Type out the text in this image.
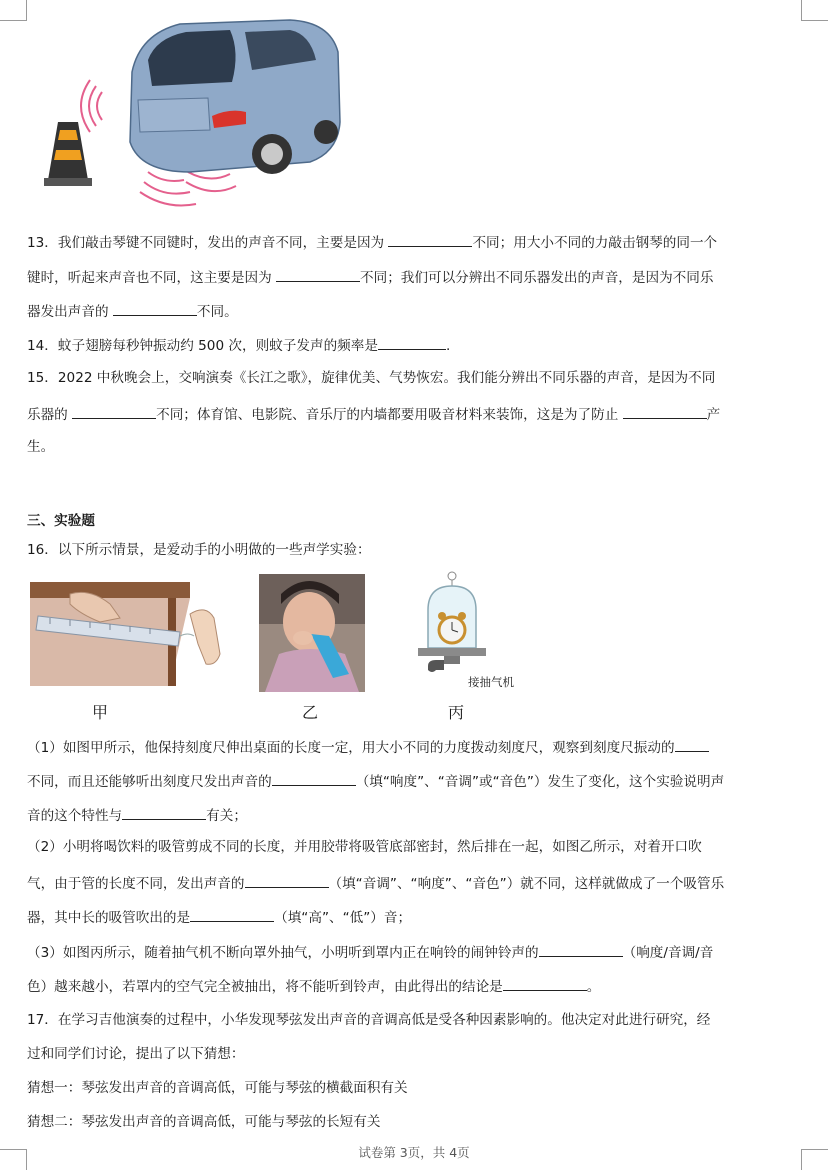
13．我们敲击琴键不同键时，发出的声音不同，主要是因为	不同；用大小不同的力敲击钢琴的同一个
键时，听起来声音也不同，这主要是因为	不同；我们可以分辨出不同乐器发出的声音，是因为不同乐
器发出声音的	不同。
14．蚊子翅膀每秒钟振动约 500 次，则蚊子发声的频率是	.
15．2022 中秋晚会上，交响演奏《长江之歌》，旋律优美、气势恢宏。我们能分辨出不同乐器的声音，是因为不同
乐器的	不同；体育馆、电影院、音乐厅的内墙都要用吸音材料来装饰，这是为了防止	产
生。
三、实验题
16．以下所示情景，是爱动手的小明做的一些声学实验：
接抽气机
甲	乙	丙
（1）如图甲所示，他保持刻度尺伸出桌面的长度一定，用大小不同的力度拨动刻度尺，观察到刻度尺振动的
不同，而且还能够听出刻度尺发出声音的	（填“响度”、“音调”或“音色”）发生了变化，这个实验说明声
音的这个特性与	有关；
（2）小明将喝饮料的吸管剪成不同的长度，并用胶带将吸管底部密封，然后排在一起，如图乙所示，对着开口吹
气，由于管的长度不同，发出声音的	（填“音调”、“响度”、“音色”）就不同，这样就做成了一个吸管乐
器，其中长的吸管吹出的是	（填“高”、“低”）音；
（3）如图丙所示，随着抽气机不断向罩外抽气，小明听到罩内正在响铃的闹钟铃声的	（响度/音调/音
色）越来越小，若罩内的空气完全被抽出，将不能听到铃声，由此得出的结论是	。
17．在学习吉他演奏的过程中，小华发现琴弦发出声音的音调高低是受各种因素影响的。他决定对此进行研究，经
过和同学们讨论，提出了以下猜想：
猜想一：琴弦发出声音的音调高低，可能与琴弦的横截面积有关
猜想二：琴弦发出声音的音调高低，可能与琴弦的长短有关
试卷第 3页，共 4页
